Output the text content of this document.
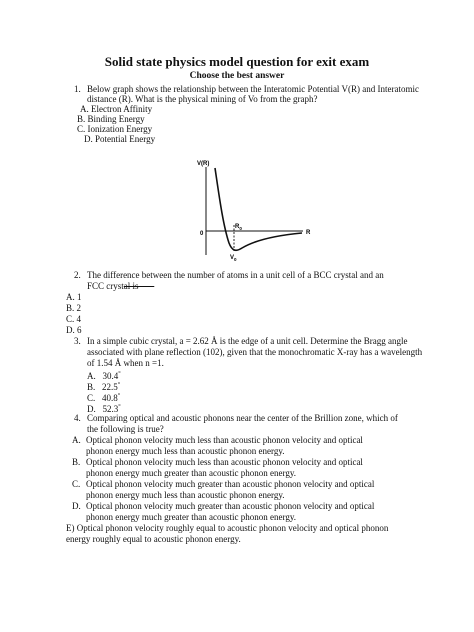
Solid state physics model question for exit exam
Choose the best answer
1. Below graph shows the relationship between the Interatomic Potential V(R) and Interatomic
distance (R). What is the physical mining of Vo from the graph?
A. Electron Affinity
B. Binding Energy
C. Ionization Energy
D. Potential Energy
V(R)
R
0
$R_0$
$V_0$
2. The difference between the number of atoms in a unit cell of a BCC crystal and an
FCC crystal is
A. 1
B. 2
C. 4
D. 6
3. In a simple cubic crystal, a = 2.62 Å is the edge of a unit cell. Determine the Bragg angle
associated with plane reflection (102), given that the monochromatic X-ray has a wavelength
of 1.54 Å when n =1.
A. 30.4°
B. 22.5°
C. 40.8°
D. 52.3°
4. Comparing optical and acoustic phonons near the center of the Brillion zone, which of
the following is true?
A. Optical phonon velocity much less than acoustic phonon velocity and optical
phonon energy much less than acoustic phonon energy.
B. Optical phonon velocity much less than acoustic phonon velocity and optical
phonon energy much greater than acoustic phonon energy.
C. Optical phonon velocity much greater than acoustic phonon velocity and optical
phonon energy much less than acoustic phonon energy.
D. Optical phonon velocity much greater than acoustic phonon velocity and optical
phonon energy much greater than acoustic phonon energy.
E) Optical phonon velocity roughly equal to acoustic phonon velocity and optical phonon
energy roughly equal to acoustic phonon energy.
